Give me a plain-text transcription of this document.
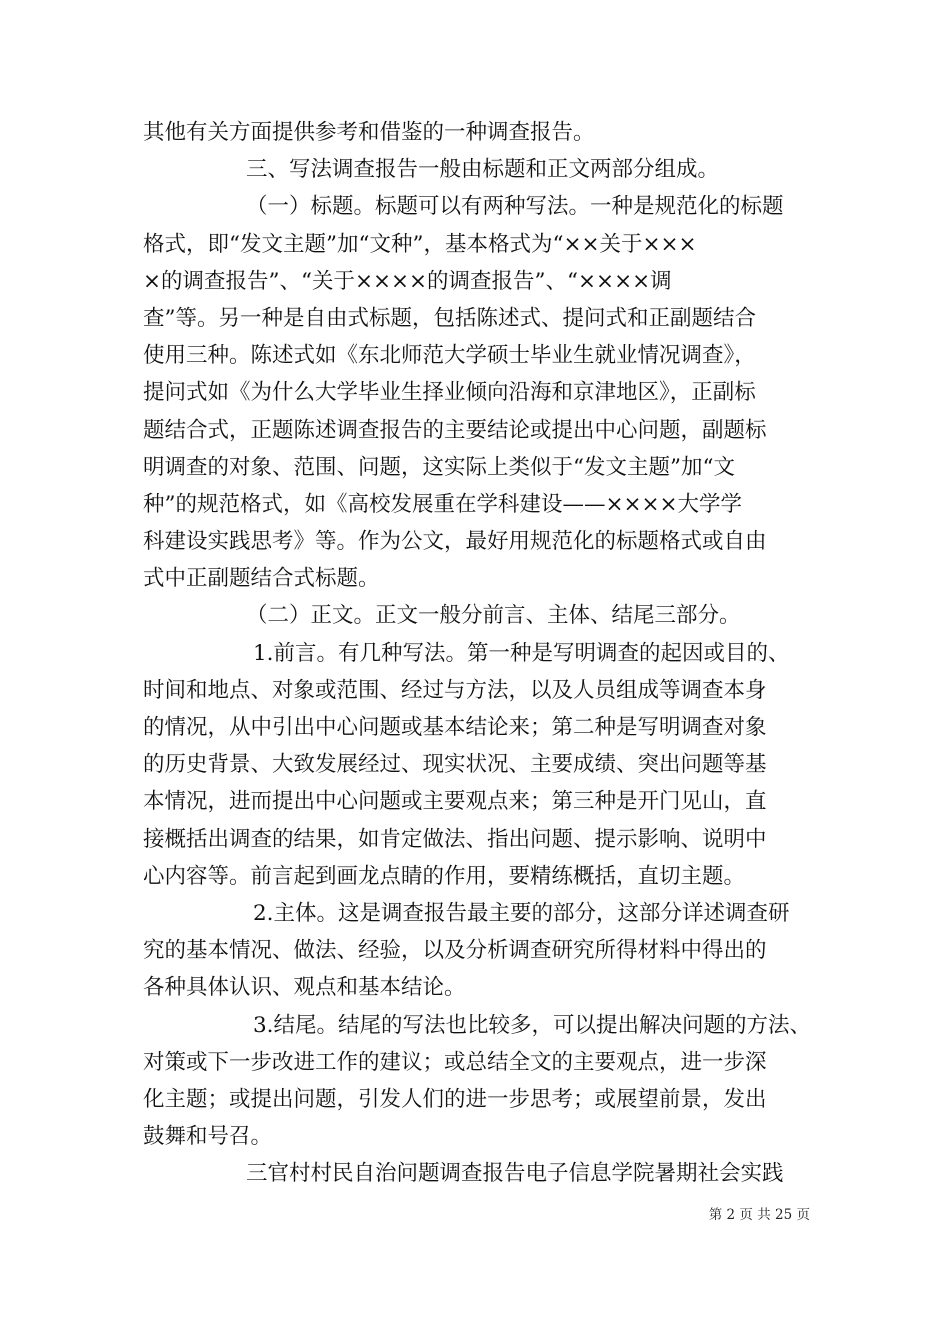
其他有关方面提供参考和借鉴的一种调查报告。
三、写法调查报告一般由标题和正文两部分组成。
（一）标题。标题可以有两种写法。一种是规范化的标题
格式，即“发文主题”加“文种”，基本格式为“××关于×××
×的调查报告”、“关于××××的调查报告”、“××××调
查”等。另一种是自由式标题，包括陈述式、提问式和正副题结合
使用三种。陈述式如《东北师范大学硕士毕业生就业情况调查》，
提问式如《为什么大学毕业生择业倾向沿海和京津地区》，正副标
题结合式，正题陈述调查报告的主要结论或提出中心问题，副题标
明调查的对象、范围、问题，这实际上类似于“发文主题”加“文
种”的规范格式，如《高校发展重在学科建设——××××大学学
科建设实践思考》等。作为公文，最好用规范化的标题格式或自由
式中正副题结合式标题。
（二）正文。正文一般分前言、主体、结尾三部分。
1.前言。有几种写法。第一种是写明调查的起因或目的、
时间和地点、对象或范围、经过与方法，以及人员组成等调查本身
的情况，从中引出中心问题或基本结论来；第二种是写明调查对象
的历史背景、大致发展经过、现实状况、主要成绩、突出问题等基
本情况，进而提出中心问题或主要观点来；第三种是开门见山，直
接概括出调查的结果，如肯定做法、指出问题、提示影响、说明中
心内容等。前言起到画龙点睛的作用，要精练概括，直切主题。
2.主体。这是调查报告最主要的部分，这部分详述调查研
究的基本情况、做法、经验，以及分析调查研究所得材料中得出的
各种具体认识、观点和基本结论。
3.结尾。结尾的写法也比较多，可以提出解决问题的方法、
对策或下一步改进工作的建议；或总结全文的主要观点，进一步深
化主题；或提出问题，引发人们的进一步思考；或展望前景，发出
鼓舞和号召。
三官村村民自治问题调查报告电子信息学院暑期社会实践
第 2 页 共 25 页
